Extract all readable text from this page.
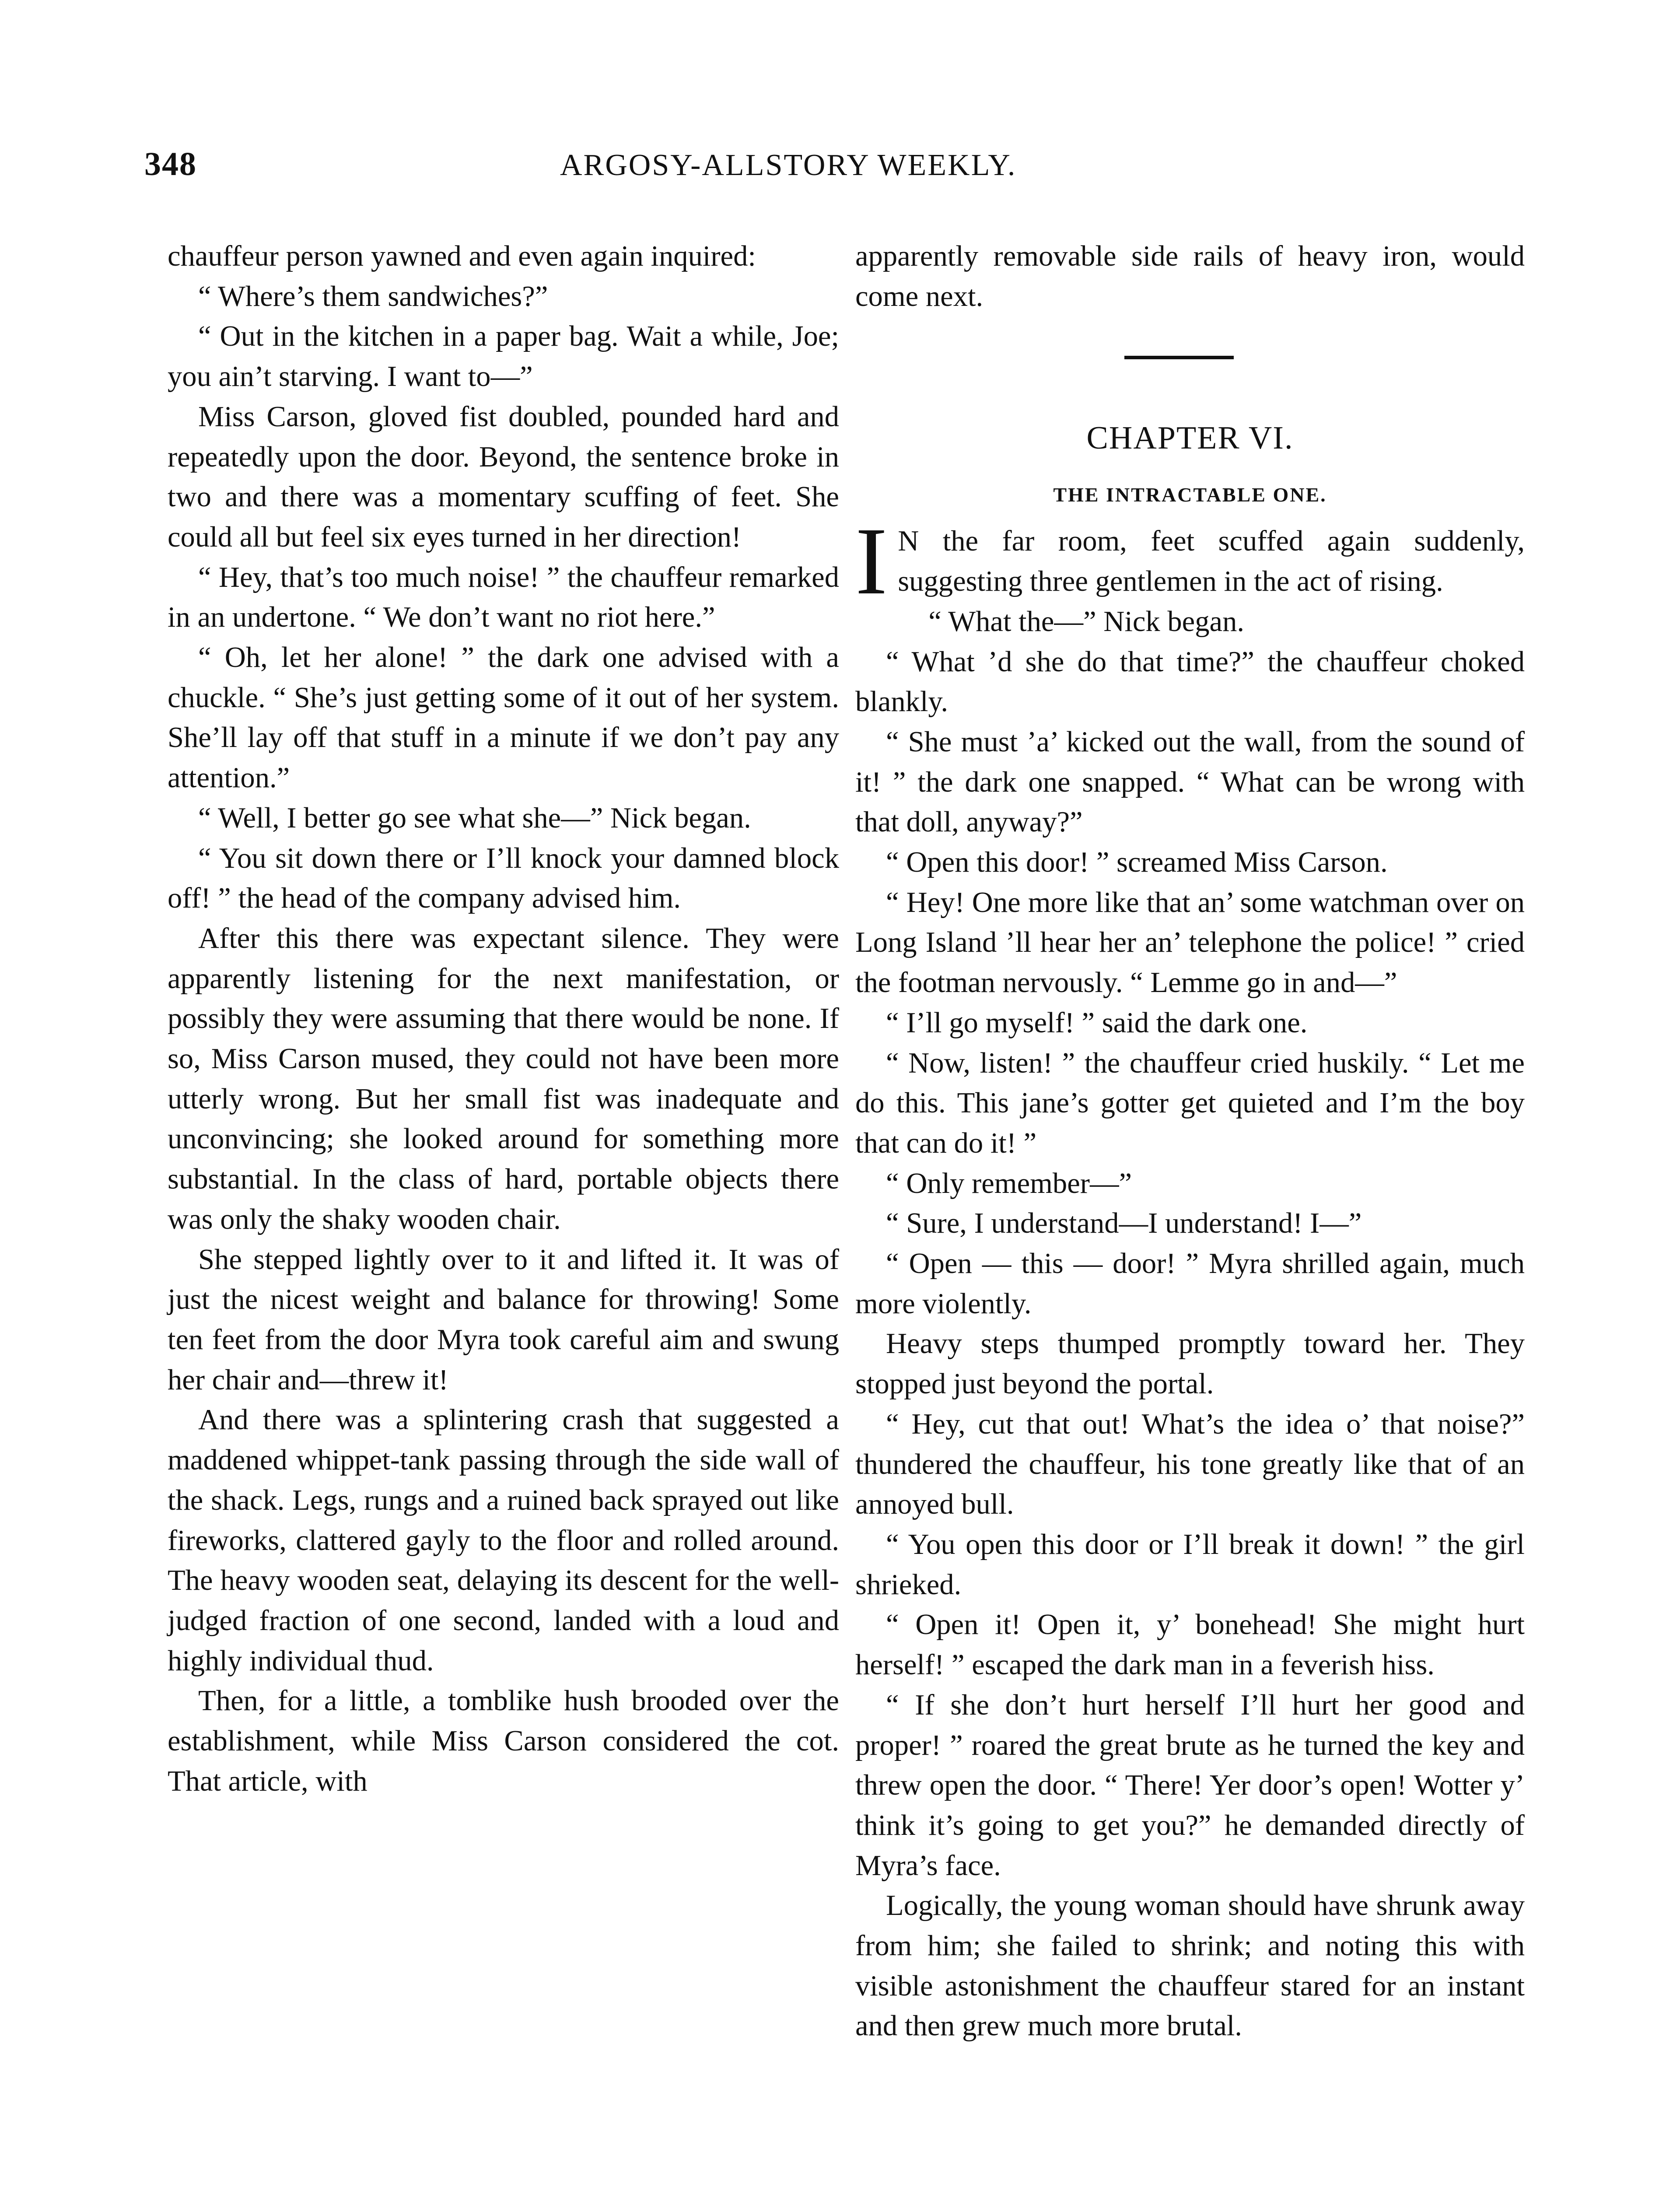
348	ARGOSY-ALLSTORY WEEKLY.

chauffeur person yawned and even again inquired:

“ Where’s them sandwiches?”

“ Out in the kitchen in a paper bag. Wait a while, Joe; you ain’t starving. I want to—”

Miss Carson, gloved fist doubled, pounded hard and repeatedly upon the door. Beyond, the sentence broke in two and there was a momentary scuffing of feet. She could all but feel six eyes turned in her direction!

“ Hey, that’s too much noise! ” the chauffeur remarked in an undertone. “ We don’t want no riot here.”

“ Oh, let her alone! ” the dark one advised with a chuckle. “ She’s just getting some of it out of her system. She’ll lay off that stuff in a minute if we don’t pay any attention.”

“ Well, I better go see what she—” Nick began.

“ You sit down there or I’ll knock your damned block off! ” the head of the company advised him.

After this there was expectant silence. They were apparently listening for the next manifestation, or possibly they were assuming that there would be none. If so, Miss Carson mused, they could not have been more utterly wrong. But her small fist was inadequate and unconvincing; she looked around for something more substantial. In the class of hard, portable objects there was only the shaky wooden chair.

She stepped lightly over to it and lifted it. It was of just the nicest weight and balance for throwing! Some ten feet from the door Myra took careful aim and swung her chair and—threw it!

And there was a splintering crash that suggested a maddened whippet-tank passing through the side wall of the shack. Legs, rungs and a ruined back sprayed out like fireworks, clattered gayly to the floor and rolled around. The heavy wooden seat, delaying its descent for the well-judged fraction of one second, landed with a loud and highly individual thud.

Then, for a little, a tomblike hush brooded over the establishment, while Miss Carson considered the cot. That article, with

apparently removable side rails of heavy iron, would come next.

CHAPTER VI.
THE INTRACTABLE ONE.

I N the far room, feet scuffed again suddenly, suggesting three gentlemen in the act of rising.

“ What the—” Nick began.

“ What ’d she do that time?” the chauffeur choked blankly.

“ She must ’a’ kicked out the wall, from the sound of it! ” the dark one snapped. “ What can be wrong with that doll, anyway?”

“ Open this door! ” screamed Miss Carson.

“ Hey! One more like that an’ some watchman over on Long Island ’ll hear her an’ telephone the police! ” cried the footman nervously. “ Lemme go in and—”

“ I’ll go myself! ” said the dark one.

“ Now, listen! ” the chauffeur cried huskily. “ Let me do this. This jane’s gotter get quieted and I’m the boy that can do it! ”

“ Only remember—”

“ Sure, I understand—I understand! I—”

“ Open — this — door! ” Myra shrilled again, much more violently.

Heavy steps thumped promptly toward her. They stopped just beyond the portal.

“ Hey, cut that out! What’s the idea o’ that noise?” thundered the chauffeur, his tone greatly like that of an annoyed bull.

“ You open this door or I’ll break it down! ” the girl shrieked.

“ Open it! Open it, y’ bonehead! She might hurt herself! ” escaped the dark man in a feverish hiss.

“ If she don’t hurt herself I’ll hurt her good and proper! ” roared the great brute as he turned the key and threw open the door. “ There! Yer door’s open! Wotter y’ think it’s going to get you?” he demanded directly of Myra’s face.

Logically, the young woman should have shrunk away from him; she failed to shrink; and noting this with visible astonishment the chauffeur stared for an instant and then grew much more brutal.
